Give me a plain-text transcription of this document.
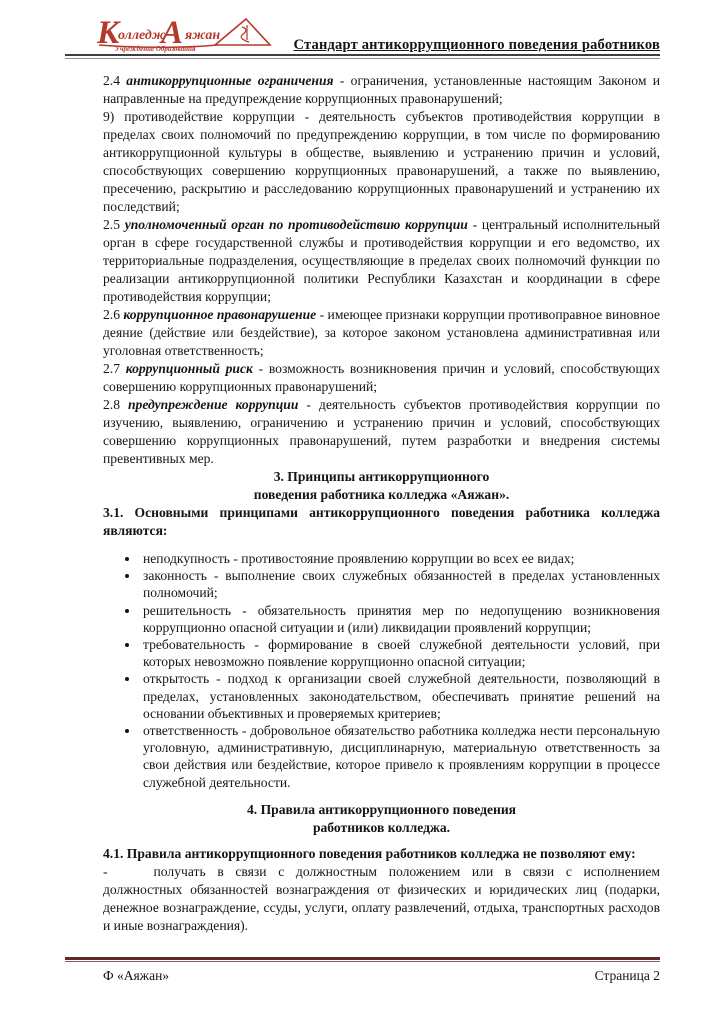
К
олледж
А яжан
Учреждение Образования	Стандарт антикоррупционного поведения работников

2.4 антикоррупционные ограничения - ограничения, установленные настоящим Законом и направленные на предупреждение коррупционных правонарушений;

9) противодействие коррупции - деятельность субъектов противодействия коррупции в пределах своих полномочий по предупреждению коррупции, в том числе по формированию антикоррупционной культуры в обществе, выявлению и устранению причин и условий, способствующих совершению коррупционных правонарушений, а также по выявлению, пресечению, раскрытию и расследованию коррупционных правонарушений и устранению их последствий;

2.5 уполномоченный орган по противодействию коррупции - центральный исполнительный орган в сфере государственной службы и противодействия коррупции и его ведомство, их территориальные подразделения, осуществляющие в пределах своих полномочий функции по реализации антикоррупционной политики Республики Казахстан и координации в сфере противодействия коррупции;

2.6 коррупционное правонарушение - имеющее признаки коррупции противоправное виновное деяние (действие или бездействие), за которое законом установлена административная или уголовная ответственность;

2.7 коррупционный риск - возможность возникновения причин и условий, способствующих совершению коррупционных правонарушений;

2.8 предупреждение коррупции - деятельность субъектов противодействия коррупции по изучению, выявлению, ограничению и устранению причин и условий, способствующих совершению коррупционных правонарушений, путем разработки и внедрения системы превентивных мер.

3. Принципы антикоррупционного
поведения работника колледжа «Аяжан».

3.1. Основными принципами антикоррупционного поведения работника колледжа являются:

• неподкупность - противостояние проявлению коррупции во всех ее видах;
• законность - выполнение своих служебных обязанностей в пределах установленных полномочий;
• решительность - обязательность принятия мер по недопущению возникновения коррупционно опасной ситуации и (или) ликвидации проявлений коррупции;
• требовательность - формирование в своей служебной деятельности условий, при которых невозможно появление коррупционно опасной ситуации;
• открытость - подход к организации своей служебной деятельности, позволяющий в пределах, установленных законодательством, обеспечивать принятие решений на основании объективных и проверяемых критериев;
• ответственность - добровольное обязательство работника колледжа нести персональную уголовную, административную, дисциплинарную, материальную ответственность за свои действия или бездействие, которое привело к проявлениям коррупции в процессе служебной деятельности.

4. Правила антикоррупционного поведения
работников колледжа.

4.1. Правила антикоррупционного поведения работников колледжа не позволяют ему:

-	получать в связи с должностным положением или в связи с исполнением должностных обязанностей вознаграждения от физических и юридических лиц (подарки, денежное вознаграждение, ссуды, услуги, оплату развлечений, отдыха, транспортных расходов и иные вознаграждения).

Ф «Аяжан»	Страница 2
